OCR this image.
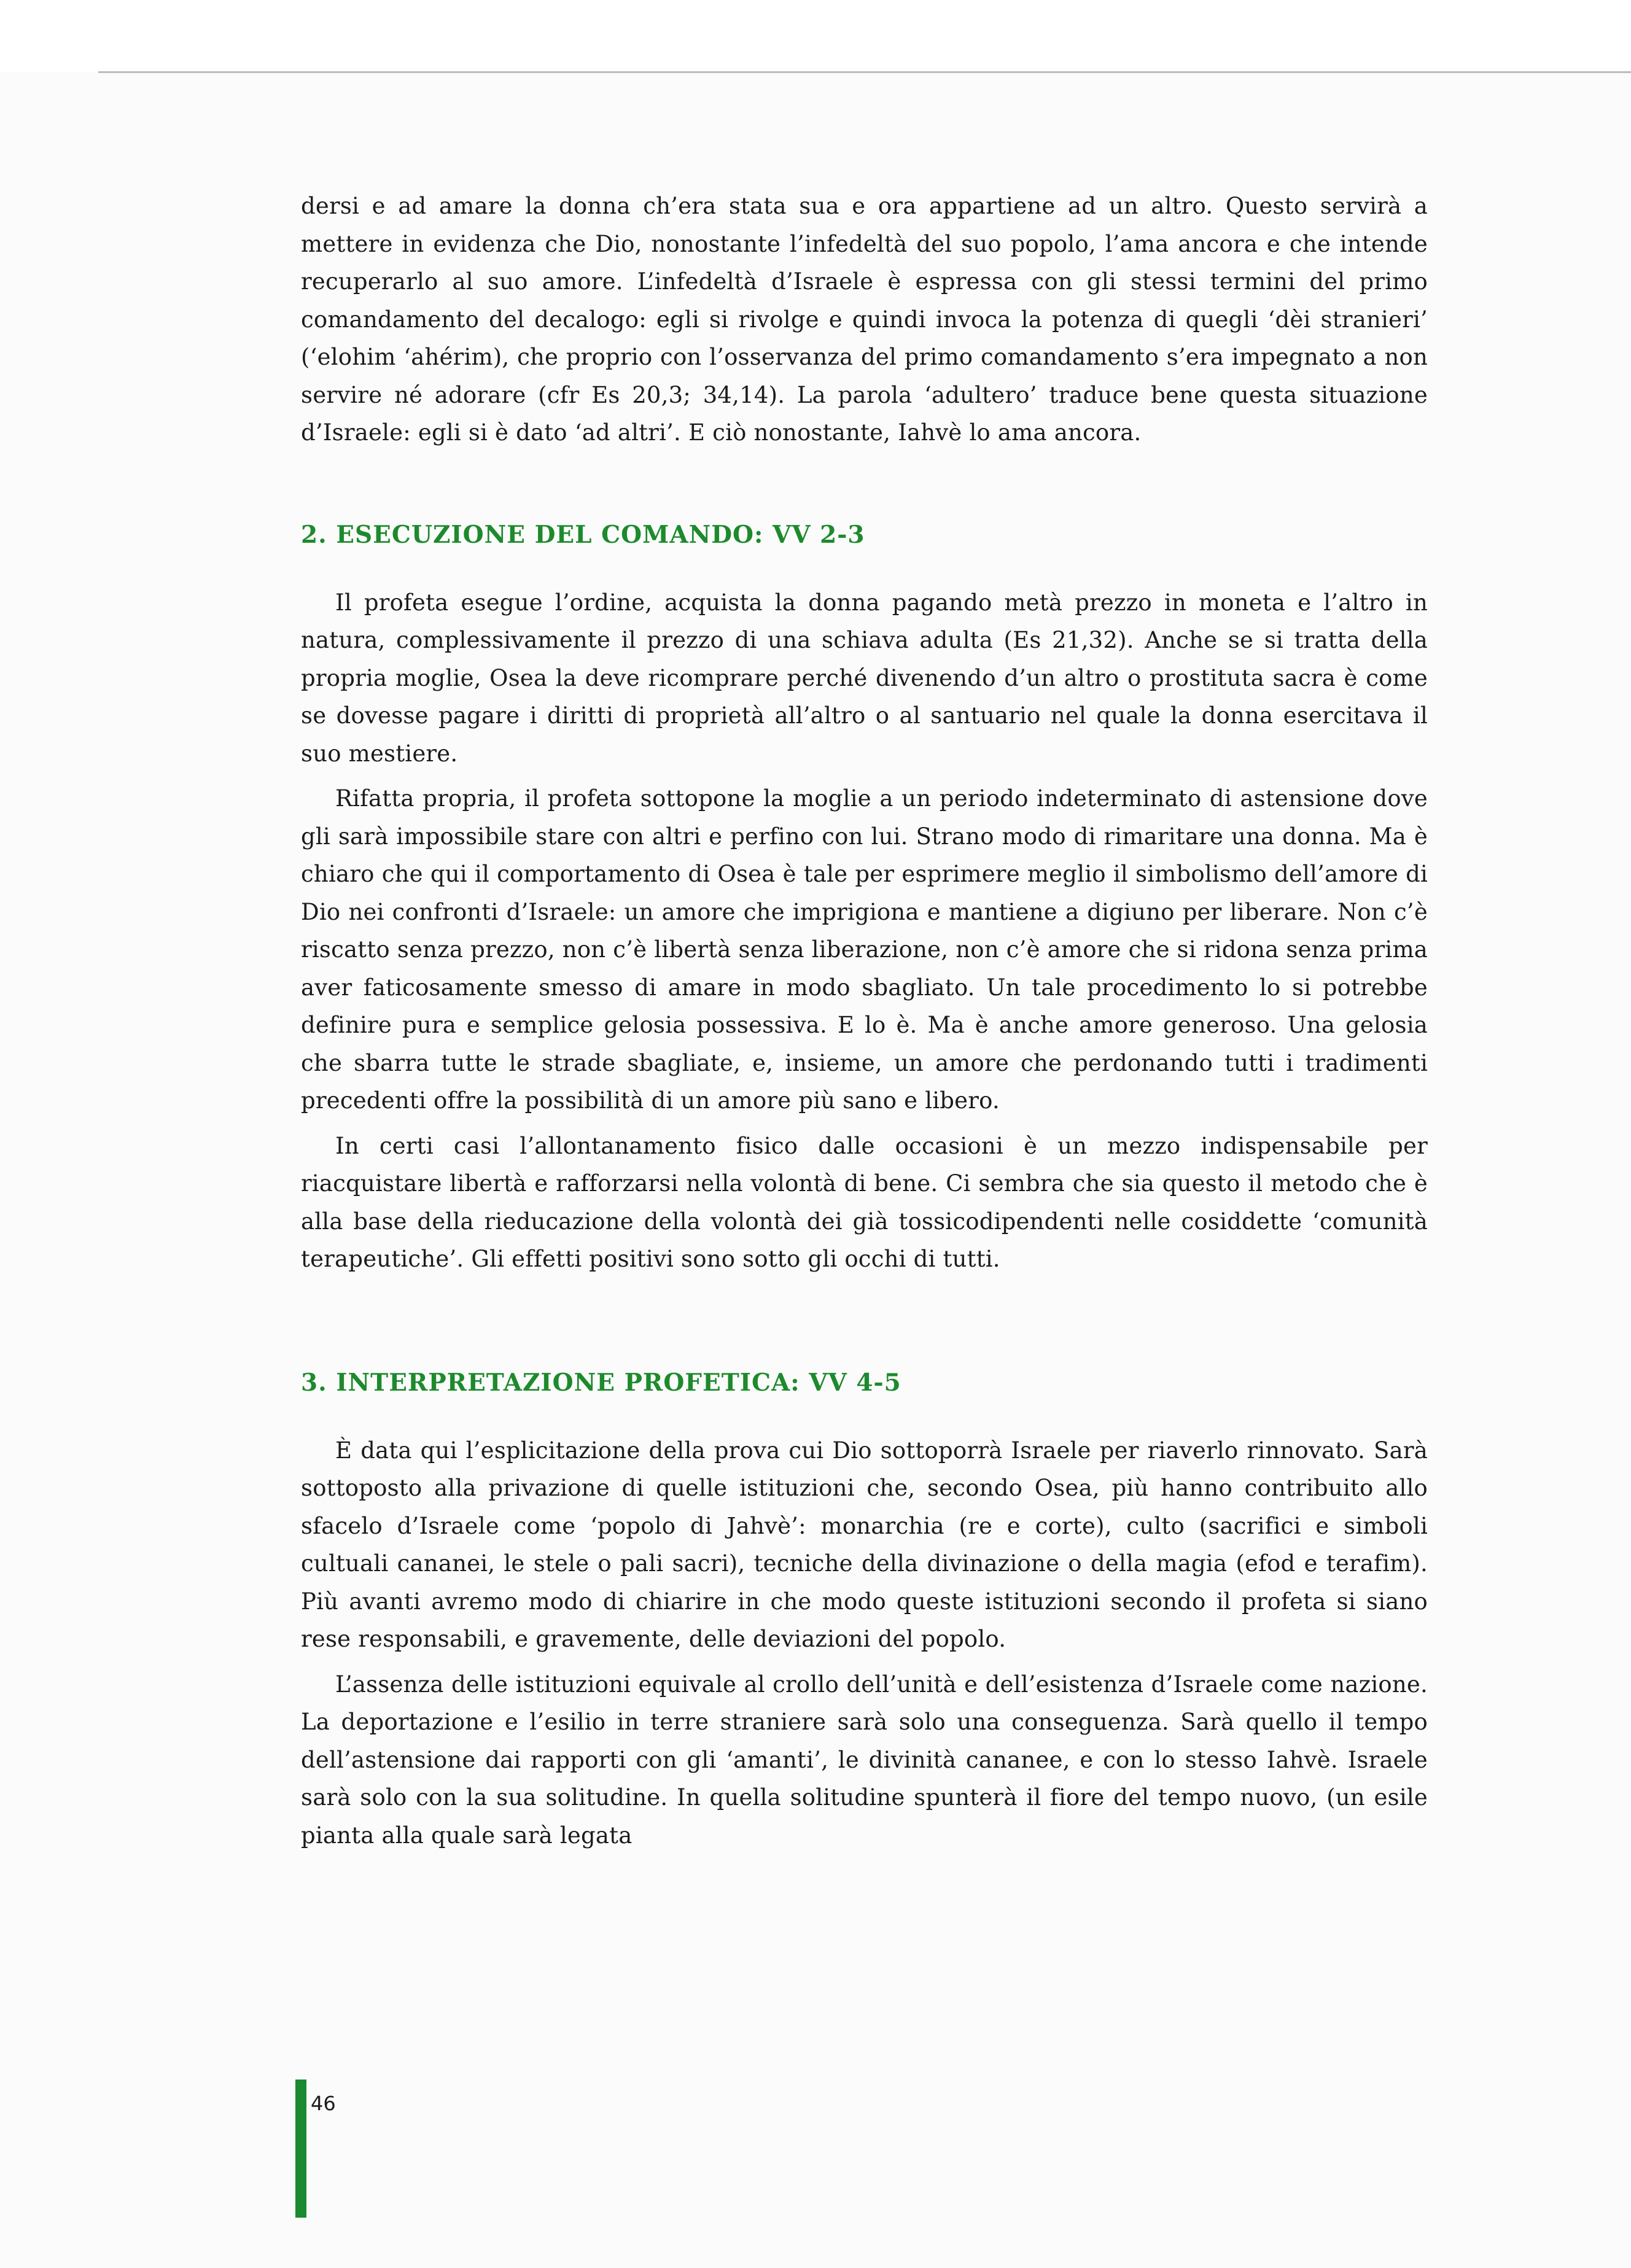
dersi e ad amare la donna ch’era stata sua e ora appartiene ad un altro. Questo servirà a mettere in evidenza che Dio, nonostante l’infedeltà del suo popolo, l’ama ancora e che intende recuperarlo al suo amore. L’infedeltà d’Israele è espressa con gli stessi termini del primo comandamento del decalogo: egli si rivolge e quindi invoca la potenza di quegli ‘dèi stranieri’ (‘elohim ‘ahérim), che proprio con l’osservanza del primo comandamento s’era impegnato a non servire né adorare (cfr Es 20,3; 34,14). La parola ‘adultero’ traduce bene questa situazione d’Israele: egli si è dato ‘ad altri’. E ciò nonostante, Iahvè lo ama ancora.

2. ESECUZIONE DEL COMANDO: VV 2-3

Il profeta esegue l’ordine, acquista la donna pagando metà prezzo in moneta e l’altro in natura, complessivamente il prezzo di una schiava adulta (Es 21,32). Anche se si tratta della propria moglie, Osea la deve ricomprare perché divenendo d’un altro o prostituta sacra è come se dovesse pagare i diritti di proprietà all’altro o al santuario nel quale la donna esercitava il suo mestiere.

Rifatta propria, il profeta sottopone la moglie a un periodo indeterminato di astensione dove gli sarà impossibile stare con altri e perfino con lui. Strano modo di rimaritare una donna. Ma è chiaro che qui il comportamento di Osea è tale per esprimere meglio il simbolismo dell’amore di Dio nei confronti d’Israele: un amore che imprigiona e mantiene a digiuno per liberare. Non c’è riscatto senza prezzo, non c’è libertà senza liberazione, non c’è amore che si ridona senza prima aver faticosamente smesso di amare in modo sbagliato. Un tale procedimento lo si potrebbe definire pura e semplice gelosia possessiva. E lo è. Ma è anche amore generoso. Una gelosia che sbarra tutte le strade sbagliate, e, insieme, un amore che perdonando tutti i tradimenti precedenti offre la possibilità di un amore più sano e libero.

In certi casi l’allontanamento fisico dalle occasioni è un mezzo indispensabile per riacquistare libertà e rafforzarsi nella volontà di bene. Ci sembra che sia questo il metodo che è alla base della rieducazione della volontà dei già tossicodipendenti nelle cosiddette ‘comunità terapeutiche’. Gli effetti positivi sono sotto gli occhi di tutti.

3. INTERPRETAZIONE PROFETICA: VV 4-5

È data qui l’esplicitazione della prova cui Dio sottoporrà Israele per riaverlo rinnovato. Sarà sottoposto alla privazione di quelle istituzioni che, secondo Osea, più hanno contribuito allo sfacelo d’Israele come ‘popolo di Jahvè’: monarchia (re e corte), culto (sacrifici e simboli cultuali cananei, le stele o pali sacri), tecniche della divinazione o della magia (efod e terafim). Più avanti avremo modo di chiarire in che modo queste istituzioni secondo il profeta si siano rese responsabili, e gravemente, delle deviazioni del popolo.

L’assenza delle istituzioni equivale al crollo dell’unità e dell’esistenza d’Israele come nazione. La deportazione e l’esilio in terre straniere sarà solo una conseguenza. Sarà quello il tempo dell’astensione dai rapporti con gli ‘amanti’, le divinità cananee, e con lo stesso Iahvè. Israele sarà solo con la sua solitudine. In quella solitudine spunterà il fiore del tempo nuovo, (un esile pianta alla quale sarà legata

46
